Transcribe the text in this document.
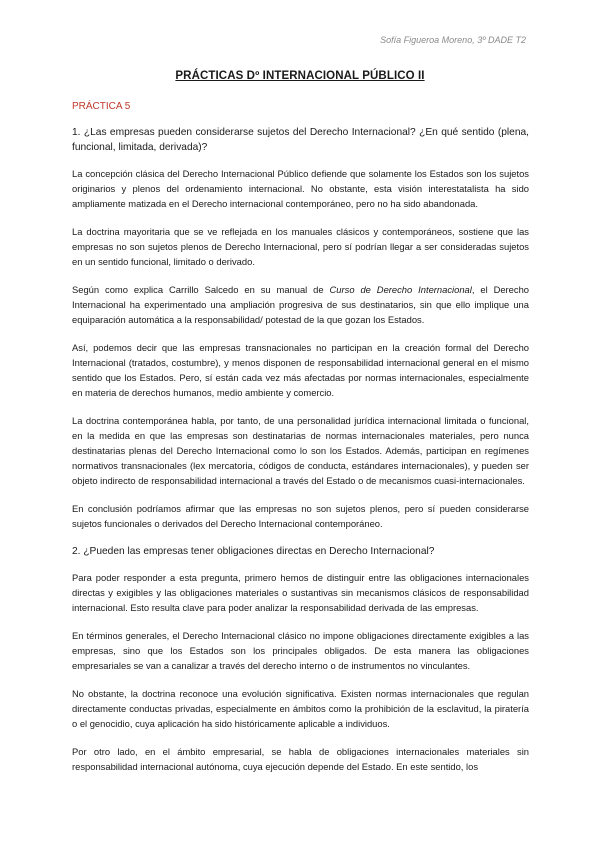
Sofía Figueroa Moreno, 3º DADE T2
PRÁCTICAS Dº INTERNACIONAL PÚBLICO II
PRÁCTICA 5
1. ¿Las empresas pueden considerarse sujetos del Derecho Internacional? ¿En qué sentido (plena, funcional, limitada, derivada)?

La concepción clásica del Derecho Internacional Público defiende que solamente los Estados son los sujetos originarios y plenos del ordenamiento internacional. No obstante, esta visión interestatalista ha sido ampliamente matizada en el Derecho internacional contemporáneo, pero no ha sido abandonada.

La doctrina mayoritaria que se ve reflejada en los manuales clásicos y contemporáneos, sostiene que las empresas no son sujetos plenos de Derecho Internacional, pero sí podrían llegar a ser consideradas sujetos en un sentido funcional, limitado o derivado.

Según como explica Carrillo Salcedo en su manual de Curso de Derecho Internacional, el Derecho Internacional ha experimentado una ampliación progresiva de sus destinatarios, sin que ello implique una equiparación automática a la responsabilidad/ potestad de la que gozan los Estados.

Así, podemos decir que las empresas transnacionales no participan en la creación formal del Derecho Internacional (tratados, costumbre), y menos disponen de responsabilidad internacional general en el mismo sentido que los Estados. Pero, sí están cada vez más afectadas por normas internacionales, especialmente en materia de derechos humanos, medio ambiente y comercio.

La doctrina contemporánea habla, por tanto, de una personalidad jurídica internacional limitada o funcional, en la medida en que las empresas son destinatarias de normas internacionales materiales, pero nunca destinatarias plenas del Derecho Internacional como lo son los Estados. Además, participan en regímenes normativos transnacionales (lex mercatoria, códigos de conducta, estándares internacionales), y pueden ser objeto indirecto de responsabilidad internacional a través del Estado o de mecanismos cuasi-internacionales.

En conclusión podríamos afirmar que las empresas no son sujetos plenos, pero sí pueden considerarse sujetos funcionales o derivados del Derecho Internacional contemporáneo.

2. ¿Pueden las empresas tener obligaciones directas en Derecho Internacional?

Para poder responder a esta pregunta, primero hemos de distinguir entre las obligaciones internacionales directas y exigibles y las obligaciones materiales o sustantivas sin mecanismos clásicos de responsabilidad internacional. Esto resulta clave para poder analizar la responsabilidad derivada de las empresas.

En términos generales, el Derecho Internacional clásico no impone obligaciones directamente exigibles a las empresas, sino que los Estados son los principales obligados. De esta manera las obligaciones empresariales se van a canalizar a través del derecho interno o de instrumentos no vinculantes.

No obstante, la doctrina reconoce una evolución significativa. Existen normas internacionales que regulan directamente conductas privadas, especialmente en ámbitos como la prohibición de la esclavitud, la piratería o el genocidio, cuya aplicación ha sido históricamente aplicable a individuos.

Por otro lado, en el ámbito empresarial, se habla de obligaciones internacionales materiales sin responsabilidad internacional autónoma, cuya ejecución depende del Estado. En este sentido, los
